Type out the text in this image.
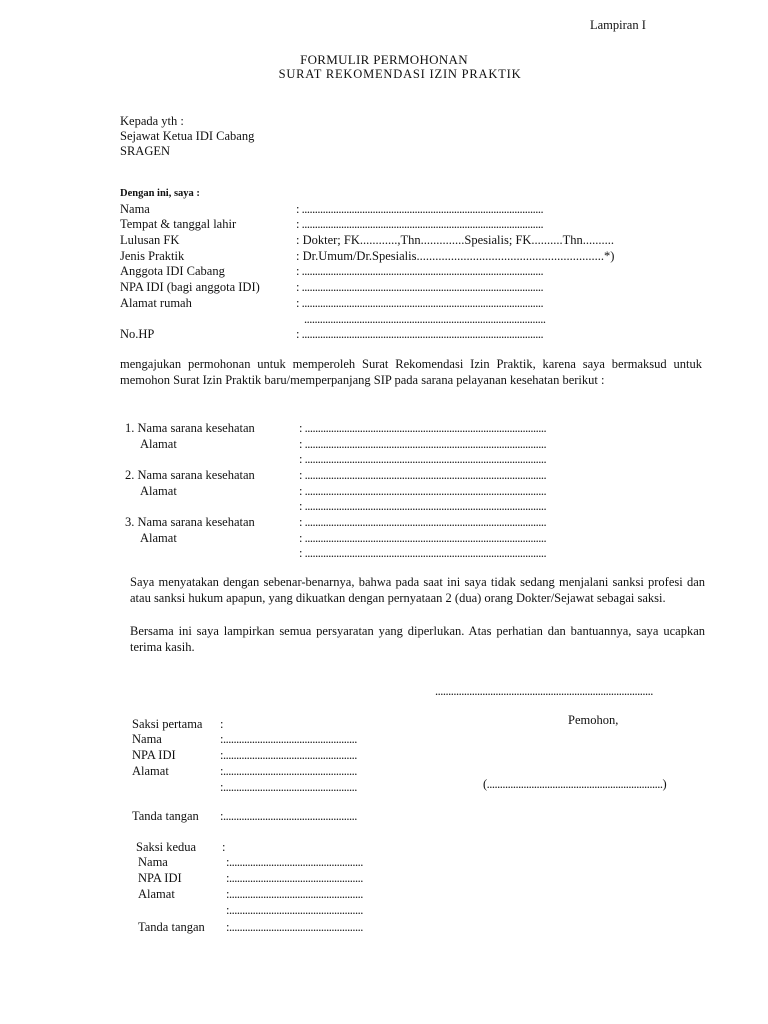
Lampiran I
FORMULIR PERMOHONAN
SURAT REKOMENDASI IZIN PRAKTIK
Kepada yth :
Sejawat Ketua IDI Cabang
SRAGEN
Dengan ini, saya :
Nama	: ............................................................................................
Tempat & tanggal lahir	: ............................................................................................
Lulusan FK	: Dokter; FK............,Thn..............Spesialis; FK..........Thn..........
Jenis Praktik	: Dr.Umum/Dr.Spesialis............................................................*)
Anggota IDI Cabang	: ............................................................................................
NPA IDI (bagi anggota IDI)	: ............................................................................................
Alamat rumah	: ............................................................................................
............................................................................................
No.HP	: ............................................................................................
mengajukan permohonan untuk memperoleh Surat Rekomendasi Izin Praktik, karena saya bermaksud untuk memohon Surat Izin Praktik baru/memperpanjang SIP pada sarana pelayanan kesehatan berikut :
1. Nama sarana kesehatan	: ............................................................................................
Alamat	: ............................................................................................
: ............................................................................................
2. Nama sarana kesehatan	: ............................................................................................
Alamat	: ............................................................................................
: ............................................................................................
3. Nama sarana kesehatan	: ............................................................................................
Alamat	: ............................................................................................
: ............................................................................................
Saya menyatakan dengan sebenar-benarnya, bahwa pada saat ini saya tidak sedang menjalani sanksi profesi dan atau sanksi hukum apapun, yang dikuatkan dengan pernyataan 2 (dua) orang Dokter/Sejawat sebagai saksi.
Bersama ini saya lampirkan semua persyaratan yang diperlukan. Atas perhatian dan bantuannya, saya ucapkan terima kasih.
...................................................................................
Pemohon,
(...................................................................)
Saksi pertama :
Nama	:...................................................
NPA IDI	:...................................................
Alamat	:...................................................
:...................................................
Tanda tangan :...................................................
Saksi kedua :
Nama	:...................................................
NPA IDI	:...................................................
Alamat	:...................................................
:...................................................
Tanda tangan :...................................................
